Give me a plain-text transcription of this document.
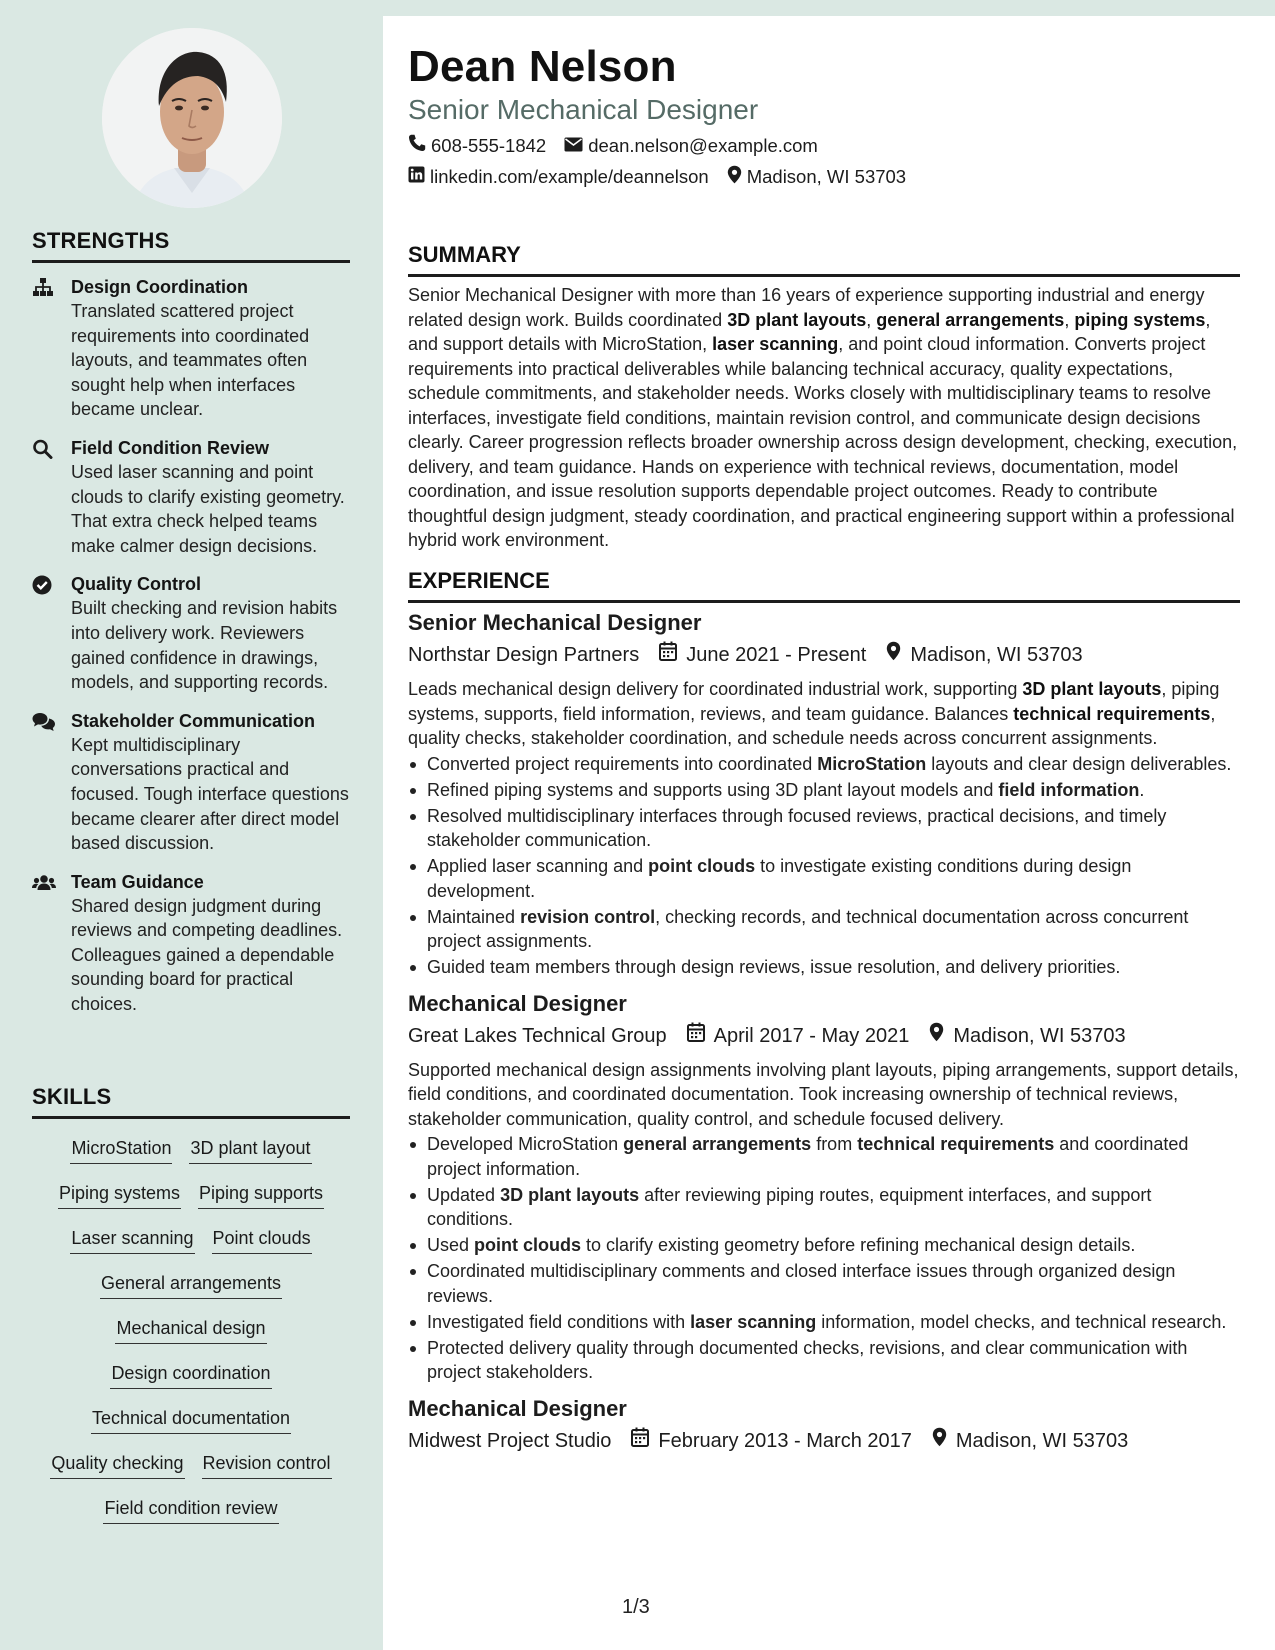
STRENGTHS
Design Coordination
Translated scattered project requirements into coordinated layouts, and teammates often sought help when interfaces became unclear.
Field Condition Review
Used laser scanning and point clouds to clarify existing geometry. That extra check helped teams make calmer design decisions.
Quality Control
Built checking and revision habits into delivery work. Reviewers gained confidence in drawings, models, and supporting records.
Stakeholder Communication
Kept multidisciplinary conversations practical and focused. Tough interface questions became clearer after direct model based discussion.
Team Guidance
Shared design judgment during reviews and competing deadlines. Colleagues gained a dependable sounding board for practical choices.
SKILLS
MicroStation 3D plant layout
Piping systems Piping supports
Laser scanning Point clouds
General arrangements
Mechanical design
Design coordination
Technical documentation
Quality checking Revision control
Field condition review
Dean Nelson
Senior Mechanical Designer
608-555-1842 dean.nelson@example.com
linkedin.com/example/deannelson Madison, WI 53703
SUMMARY

Senior Mechanical Designer with more than 16 years of experience supporting industrial and energy related design work. Builds coordinated 3D plant layouts, general arrangements, piping systems, and support details with MicroStation, laser scanning, and point cloud information. Converts project requirements into practical deliverables while balancing technical accuracy, quality expectations, schedule commitments, and stakeholder needs. Works closely with multidisciplinary teams to resolve interfaces, investigate field conditions, maintain revision control, and communicate design decisions clearly. Career progression reflects broader ownership across design development, checking, execution, delivery, and team guidance. Hands on experience with technical reviews, documentation, model coordination, and issue resolution supports dependable project outcomes. Ready to contribute thoughtful design judgment, steady coordination, and practical engineering support within a professional hybrid work environment.

EXPERIENCE
Senior Mechanical Designer
Northstar Design Partners June 2021 - Present Madison, WI 53703

Leads mechanical design delivery for coordinated industrial work, supporting 3D plant layouts, piping systems, supports, field information, reviews, and team guidance. Balances technical requirements, quality checks, stakeholder coordination, and schedule needs across concurrent assignments.

Converted project requirements into coordinated MicroStation layouts and clear design deliverables.
Refined piping systems and supports using 3D plant layout models and field information.
Resolved multidisciplinary interfaces through focused reviews, practical decisions, and timely stakeholder communication.
Applied laser scanning and point clouds to investigate existing conditions during design development.
Maintained revision control, checking records, and technical documentation across concurrent project assignments.
Guided team members through design reviews, issue resolution, and delivery priorities.
Mechanical Designer
Great Lakes Technical Group April 2017 - May 2021 Madison, WI 53703

Supported mechanical design assignments involving plant layouts, piping arrangements, support details, field conditions, and coordinated documentation. Took increasing ownership of technical reviews, stakeholder communication, quality control, and schedule focused delivery.

Developed MicroStation general arrangements from technical requirements and coordinated project information.
Updated 3D plant layouts after reviewing piping routes, equipment interfaces, and support conditions.
Used point clouds to clarify existing geometry before refining mechanical design details.
Coordinated multidisciplinary comments and closed interface issues through organized design reviews.
Investigated field conditions with laser scanning information, model checks, and technical research.
Protected delivery quality through documented checks, revisions, and clear communication with project stakeholders.
Mechanical Designer
Midwest Project Studio February 2013 - March 2017 Madison, WI 53703
1/3
